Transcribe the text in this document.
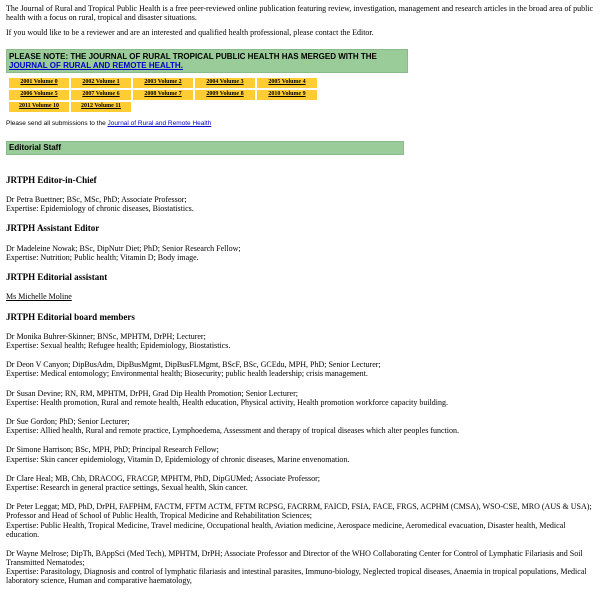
The Journal of Rural and Tropical Public Health is a free peer-reviewed online publication featuring review, investigation, management and research articles in the broad area of public health with a focus on rural, tropical and disaster situations.

If you would like to be a reviewer and are an interested and qualified health professional, please contact the Editor.

PLEASE NOTE: THE JOURNAL OF RURAL TROPICAL PUBLIC HEALTH HAS MERGED WITH THE
JOURNAL OF RURAL AND REMOTE HEALTH.
2001 Volume 0	2002 Volume 1	2003 Volume 2	2004 Volume 3	2005 Volume 4
2006 Volume 5	2007 Volume 6	2008 Volume 7	2009 Volume 8	2010 Volume 9
2011 Volume 10	2012 Volume 11			
Please send all submissions to the Journal of Rural and Remote Health
Editorial Staff
JRTPH Editor-in-Chief
Dr Petra Buettner; BSc, MSc, PhD; Associate Professor;
Expertise: Epidemiology of chronic diseases, Biostatistics.
JRTPH Assistant Editor
Dr Madeleine Nowak; BSc, DipNutr Diet; PhD; Senior Research Fellow;
Expertise: Nutrition; Public health; Vitamin D; Body image.
JRTPH Editorial assistant
Ms Michelle Moline
JRTPH Editorial board members
Dr Monika Buhrer-Skinner; BNSc, MPHTM, DrPH; Lecturer;
Expertise: Sexual health; Refugee health; Epidemiology, Biostatistics.
Dr Deon V Canyon; DipBusAdm, DipBusMgmt, DipBusFLMgmt, BScF, BSc, GCEdu, MPH, PhD; Senior Lecturer;
Expertise: Medical entomology; Environmental health; Biosecurity; public health leadership; crisis management.
Dr Susan Devine; RN, RM, MPHTM, DrPH, Grad Dip Health Promotion; Senior Lecturer;
Expertise: Health promotion, Rural and remote health, Health education, Physical activity, Health promotion workforce capacity building.
Dr Sue Gordon; PhD; Senior Lecturer;
Expertise: Allied health, Rural and remote practice, Lymphoedema, Assessment and therapy of tropical diseases which alter peoples function.
Dr Simone Harrison; BSc, MPH, PhD; Principal Research Fellow;
Expertise: Skin cancer epidemiology, Vitamin D, Epidemiology of chronic diseases, Marine envenomation.
Dr Clare Heal; MB, Chb, DRACOG, FRACGP, MPHTM, PhD, DipGUMed; Associate Professor;
Expertise: Research in general practice settings, Sexual health, Skin cancer.
Dr Peter Leggat; MD, PhD, DrPH, FAFPHM, FACTM, FFTM ACTM, FFTM RCPSG, FACRRM, FAICD, FSIA, FACE, FRGS, ACPHM (CMSA), WSO-CSE, MRO (AUS & USA); Professor and Head of School of Public Health, Tropical Medicine and Rehabilitation Sciences;
Expertise: Public Health, Tropical Medicine, Travel medicine, Occupational health, Aviation medicine, Aerospace medicine, Aeromedical evacuation, Disaster health, Medical education.
Dr Wayne Melrose; DipTh, BAppSci (Med Tech), MPHTM, DrPH; Associate Professor and Director of the WHO Collaborating Center for Control of Lymphatic Filariasis and Soil Transmitted Nematodes;
Expertise: Parasitology, Diagnosis and control of lymphatic filariasis and intestinal parasites, Immuno-biology, Neglected tropical diseases, Anaemia in tropical populations, Medical laboratory science, Human and comparative haematology,
